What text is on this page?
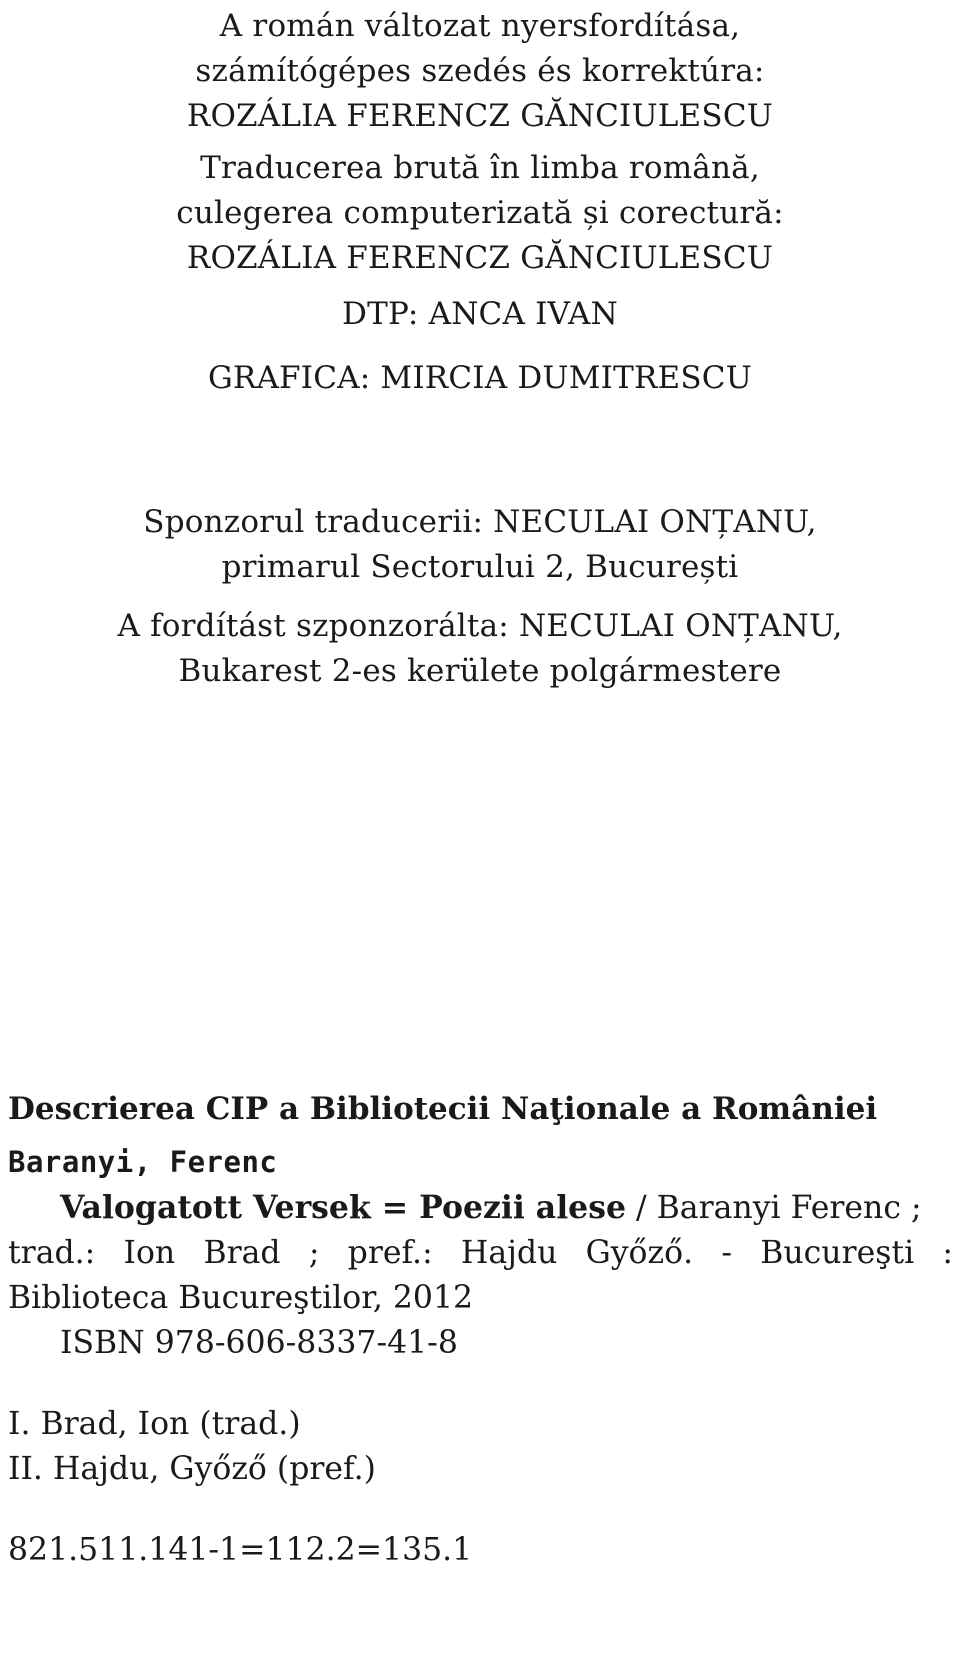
A román változat nyersfordítása,
számítógépes szedés és korrektúra:
ROZÁLIA FERENCZ GĂNCIULESCU
Traducerea brută în limba română,
culegerea computerizată și corectură:
ROZÁLIA FERENCZ GĂNCIULESCU
DTP: ANCA IVAN
GRAFICA: MIRCIA DUMITRESCU
Sponzorul traducerii: NECULAI ONȚANU,
primarul Sectorului 2, București
A fordítást szponzorálta: NECULAI ONȚANU,
Bukarest 2-es kerülete polgármestere
Descrierea CIP a Bibliotecii Naţionale a României
Baranyi, Ferenc
Valogatott Versek = Poezii alese / Baranyi Ferenc ;
trad.: Ion Brad ; pref.: Hajdu Győző. - Bucureşti :
Biblioteca Bucureştilor, 2012
ISBN 978-606-8337-41-8
I. Brad, Ion (trad.)
II. Hajdu, Győző (pref.)
821.511.141-1=112.2=135.1
